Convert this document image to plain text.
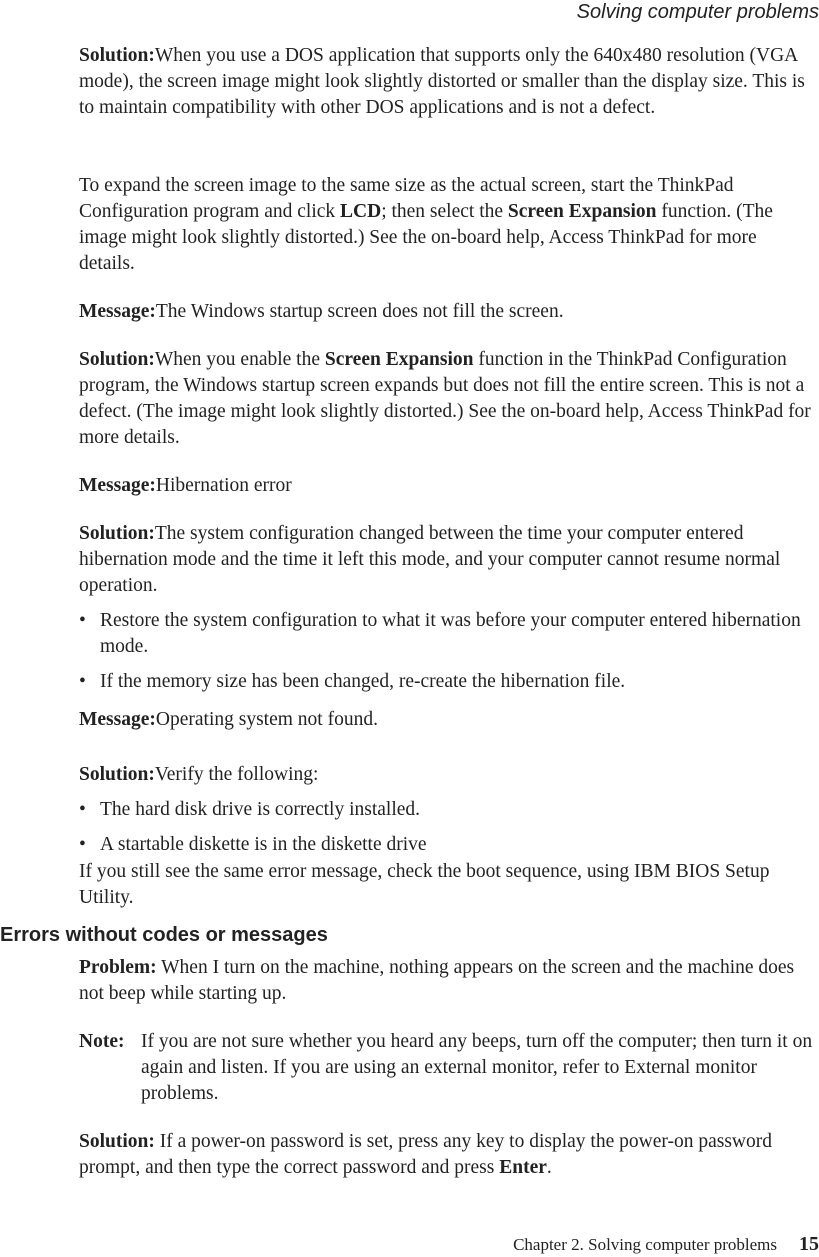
Solving computer problems

Solution:When you use a DOS application that supports only the 640x480 resolution (VGA mode), the screen image might look slightly distorted or smaller than the display size. This is to maintain compatibility with other DOS applications and is not a defect.

To expand the screen image to the same size as the actual screen, start the ThinkPad Configuration program and click LCD; then select the Screen Expansion function. (The image might look slightly distorted.) See the on-board help, Access ThinkPad for more details.

Message:The Windows startup screen does not fill the screen.

Solution:When you enable the Screen Expansion function in the ThinkPad Configuration program, the Windows startup screen expands but does not fill the entire screen. This is not a defect. (The image might look slightly distorted.) See the on-board help, Access ThinkPad for more details.

Message:Hibernation error

Solution:The system configuration changed between the time your computer entered hibernation mode and the time it left this mode, and your computer cannot resume normal operation.

• Restore the system configuration to what it was before your computer entered hibernation mode.
• If the memory size has been changed, re-create the hibernation file.

Message:Operating system not found.

Solution:Verify the following:

• The hard disk drive is correctly installed.
• A startable diskette is in the diskette drive

If you still see the same error message, check the boot sequence, using IBM BIOS Setup Utility.

Errors without codes or messages

Problem: When I turn on the machine, nothing appears on the screen and the machine does not beep while starting up.

Note: If you are not sure whether you heard any beeps, turn off the computer; then turn it on again and listen. If you are using an external monitor, refer to External monitor problems.

Solution: If a power-on password is set, press any key to display the power-on password prompt, and then type the correct password and press Enter.

Chapter 2. Solving computer problems 15
